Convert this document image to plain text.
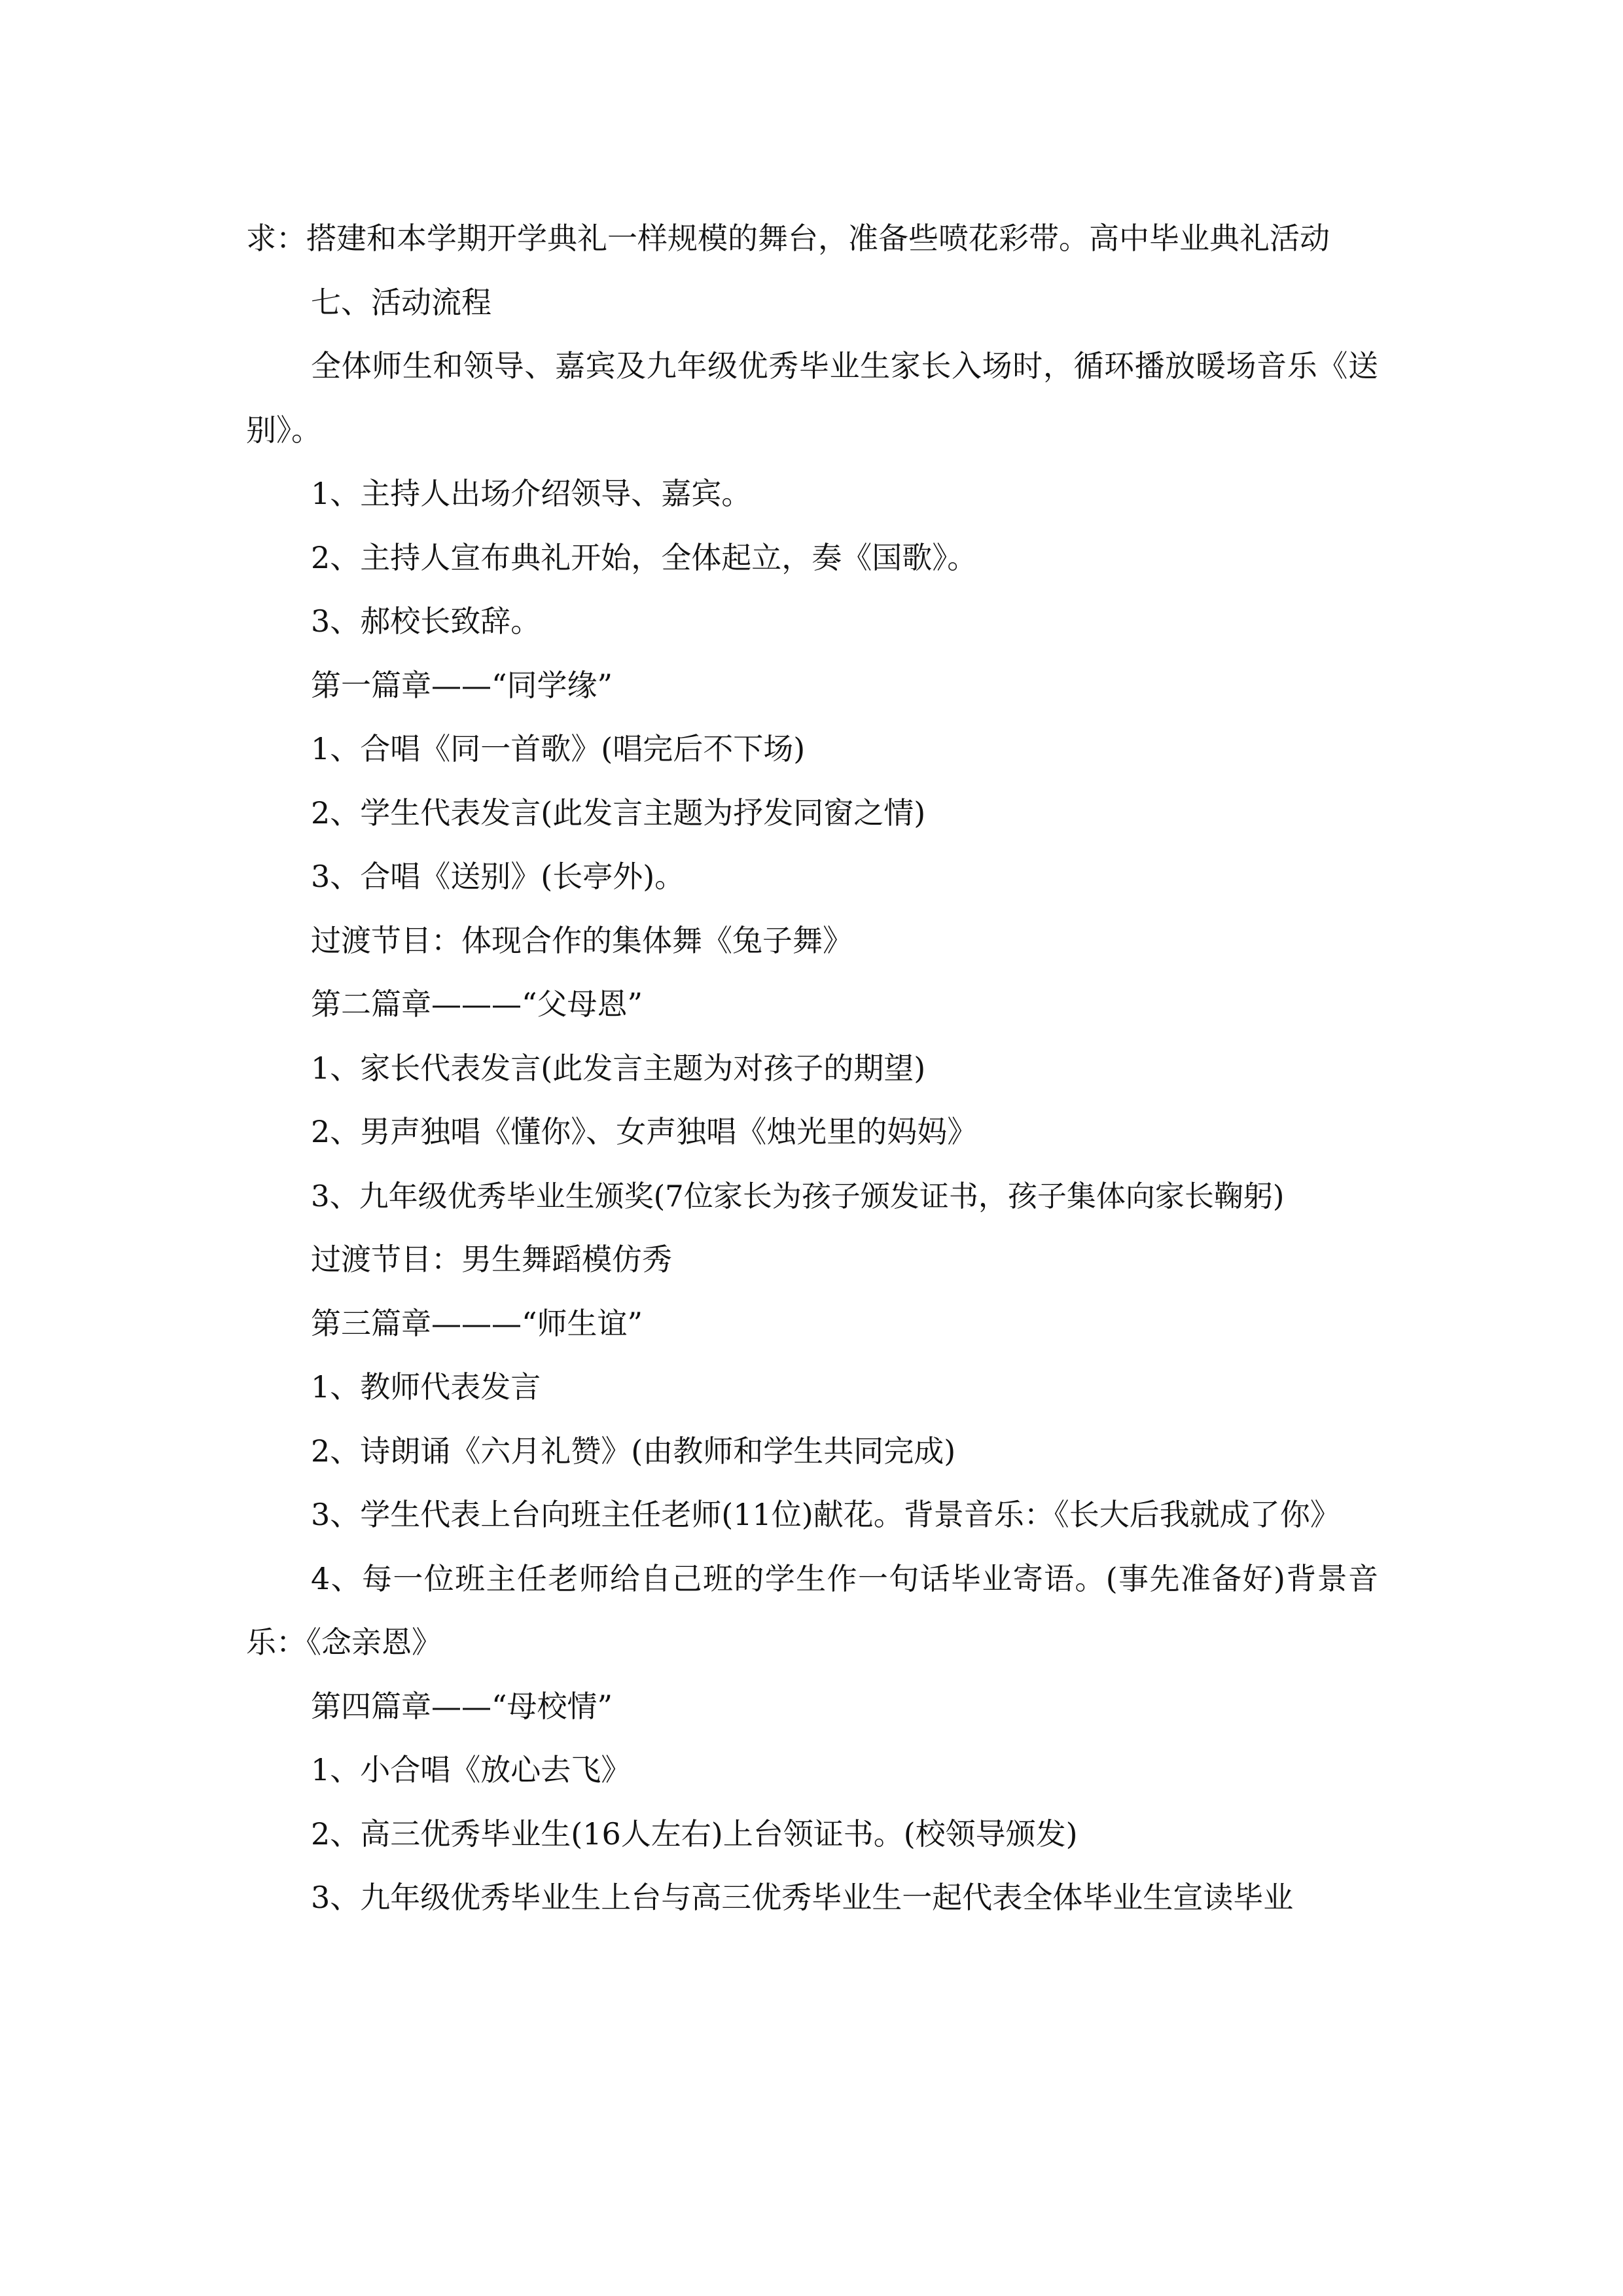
求：搭建和本学期开学典礼一样规模的舞台，准备些喷花彩带。高中毕业典礼活动

七、活动流程

全体师生和领导、嘉宾及九年级优秀毕业生家长入场时，循环播放暖场音乐《送别》。

1、主持人出场介绍领导、嘉宾。

2、主持人宣布典礼开始，全体起立，奏《国歌》。

3、郝校长致辞。

第一篇章——“同学缘”

1、合唱《同一首歌》(唱完后不下场)

2、学生代表发言(此发言主题为抒发同窗之情)

3、合唱《送别》(长亭外)。

过渡节目：体现合作的集体舞《兔子舞》

第二篇章———“父母恩”

1、家长代表发言(此发言主题为对孩子的期望)

2、男声独唱《懂你》、女声独唱《烛光里的妈妈》

3、九年级优秀毕业生颁奖(7位家长为孩子颁发证书，孩子集体向家长鞠躬)

过渡节目：男生舞蹈模仿秀

第三篇章———“师生谊”

1、教师代表发言

2、诗朗诵《六月礼赞》(由教师和学生共同完成)

3、学生代表上台向班主任老师(11位)献花。背景音乐：《长大后我就成了你》

4、每一位班主任老师给自己班的学生作一句话毕业寄语。(事先准备好)背景音乐：《念亲恩》

第四篇章——“母校情”

1、小合唱《放心去飞》

2、高三优秀毕业生(16人左右)上台领证书。(校领导颁发)

3、九年级优秀毕业生上台与高三优秀毕业生一起代表全体毕业生宣读毕业
